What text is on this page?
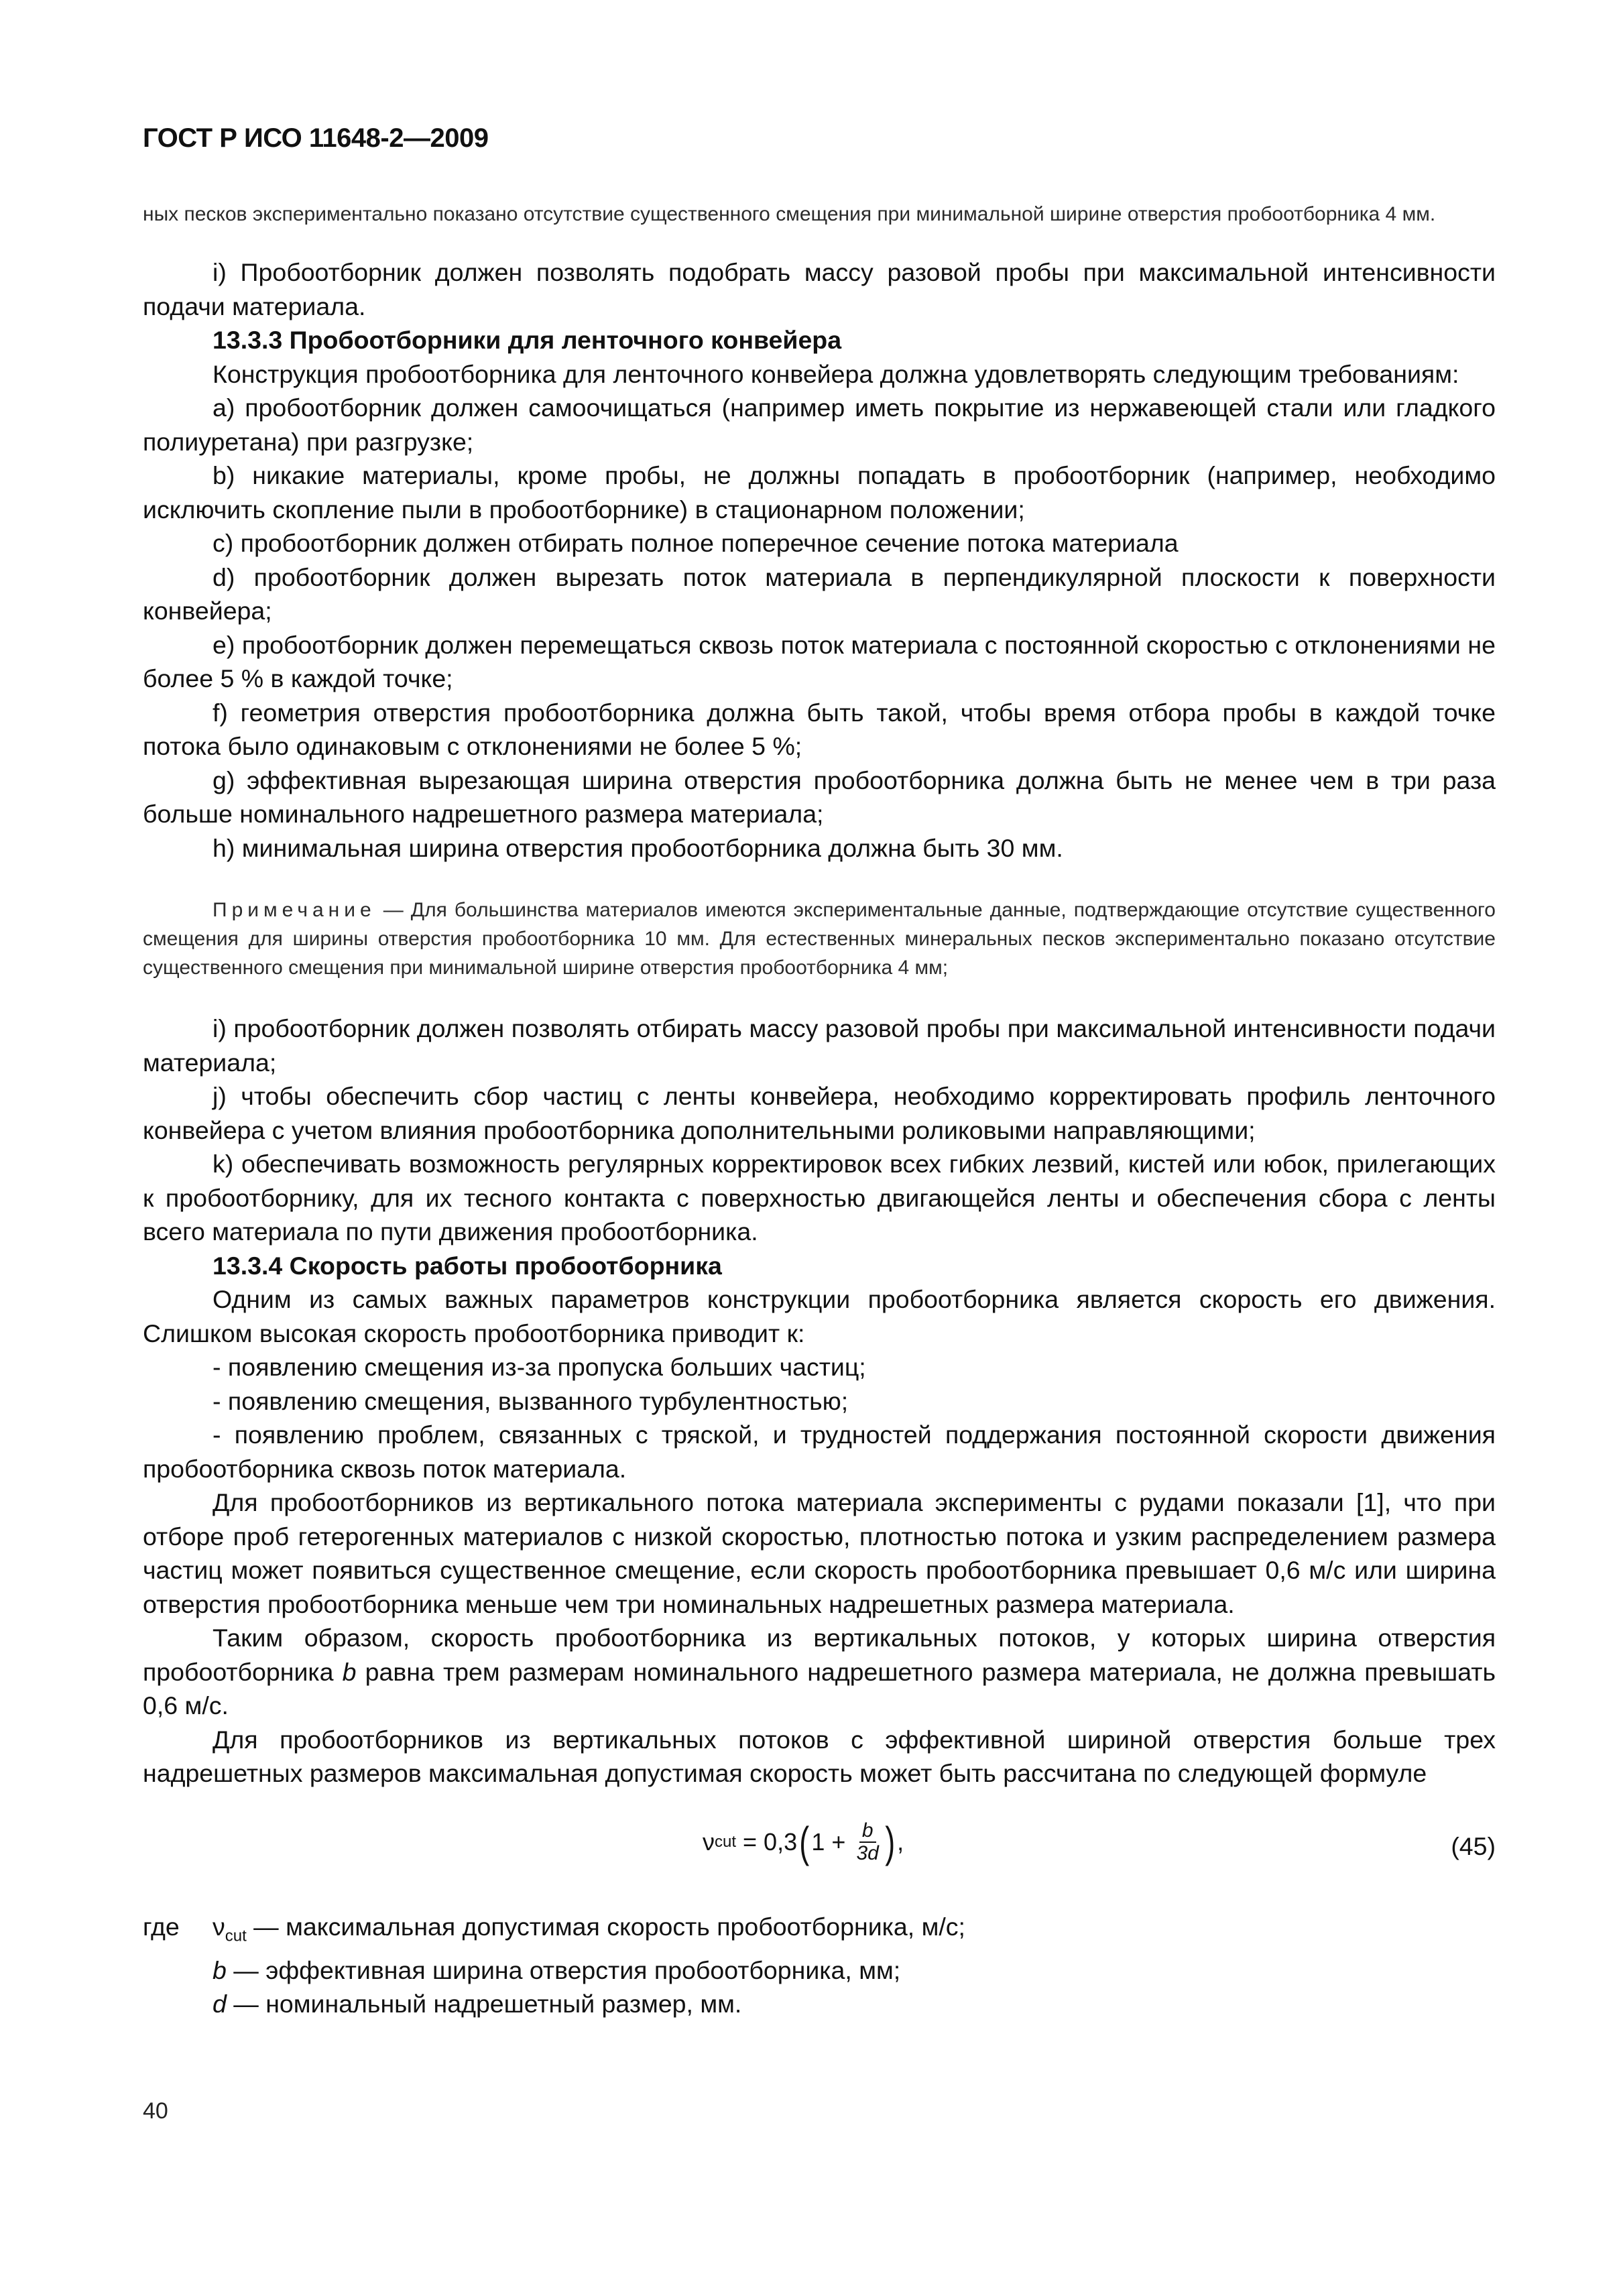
ГОСТ Р ИСО 11648-2—2009

ных песков экспериментально показано отсутствие существенного смещения при минимальной ширине отверстия пробоотборника 4 мм.

i) Пробоотборник должен позволять подобрать массу разовой пробы при максимальной интенсивности подачи материала.

13.3.3 Пробоотборники для ленточного конвейера

Конструкция пробоотборника для ленточного конвейера должна удовлетворять следующим требованиям:

a) пробоотборник должен самоочищаться (например иметь покрытие из нержавеющей стали или гладкого полиуретана) при разгрузке;

b) никакие материалы, кроме пробы, не должны попадать в пробоотборник (например, необходимо исключить скопление пыли в пробоотборнике) в стационарном положении;

c) пробоотборник должен отбирать полное поперечное сечение потока материала

d) пробоотборник должен вырезать поток материала в перпендикулярной плоскости к поверхности конвейера;

e) пробоотборник должен перемещаться сквозь поток материала с постоянной скоростью с отклонениями не более 5 % в каждой точке;

f) геометрия отверстия пробоотборника должна быть такой, чтобы время отбора пробы в каждой точке потока было одинаковым с отклонениями не более 5 %;

g) эффективная вырезающая ширина отверстия пробоотборника должна быть не менее чем в три раза больше номинального надрешетного размера материала;

h) минимальная ширина отверстия пробоотборника должна быть 30 мм.

Примечание — Для большинства материалов имеются экспериментальные данные, подтверждающие отсутствие существенного смещения для ширины отверстия пробоотборника 10 мм. Для естественных минеральных песков экспериментально показано отсутствие существенного смещения при минимальной ширине отверстия пробоотборника 4 мм;

i) пробоотборник должен позволять отбирать массу разовой пробы при максимальной интенсивности подачи материала;

j) чтобы обеспечить сбор частиц с ленты конвейера, необходимо корректировать профиль ленточного конвейера с учетом влияния пробоотборника дополнительными роликовыми направляющими;

k) обеспечивать возможность регулярных корректировок всех гибких лезвий, кистей или юбок, прилегающих к пробоотборнику, для их тесного контакта с поверхностью двигающейся ленты и обеспечения сбора с ленты всего материала по пути движения пробоотборника.

13.3.4 Скорость работы пробоотборника

Одним из самых важных параметров конструкции пробоотборника является скорость его движения. Слишком высокая скорость пробоотборника приводит к:

- появлению смещения из-за пропуска больших частиц;

- появлению смещения, вызванного турбулентностью;

- появлению проблем, связанных с тряской, и трудностей поддержания постоянной скорости движения пробоотборника сквозь поток материала.

Для пробоотборников из вертикального потока материала эксперименты с рудами показали [1], что при отборе проб гетерогенных материалов с низкой скоростью, плотностью потока и узким распределением размера частиц может появиться существенное смещение, если скорость пробоотборника превышает 0,6 м/с или ширина отверстия пробоотборника меньше чем три номинальных надрешетных размера материала.

Таким образом, скорость пробоотборника из вертикальных потоков, у которых ширина отверстия пробоотборника b равна трем размерам номинального надрешетного размера материала, не должна превышать 0,6 м/с.

Для пробоотборников из вертикальных потоков с эффективной шириной отверстия больше трех надрешетных размеров максимальная допустимая скорость может быть рассчитана по следующей формуле

ν cut = 0,3 ( $1 + \frac{b}{3d}$ ) ,	(45)
где $\nu_{cut}$ — максимальная допустимая скорость пробоотборника, м/с;
b — эффективная ширина отверстия пробоотборника, мм;
d — номинальный надрешетный размер, мм.
40
